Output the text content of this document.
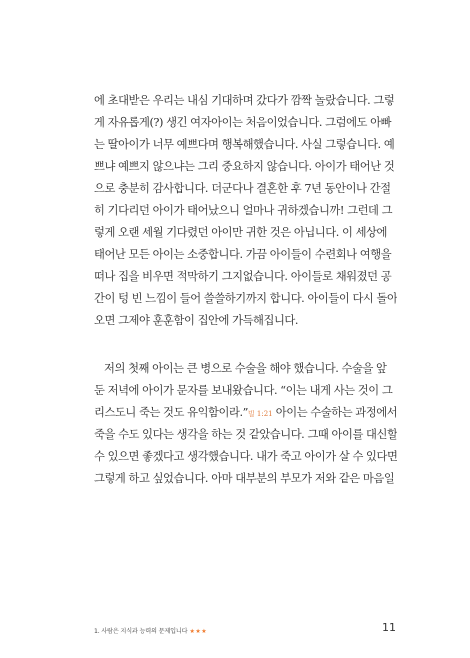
에 초대받은 우리는 내심 기대하며 갔다가 깜짝 놀랐습니다. 그렇
게 자유롭게(?) 생긴 여자아이는 처음이었습니다. 그럼에도 아빠
는 딸아이가 너무 예쁘다며 행복해했습니다. 사실 그렇습니다. 예
쁘냐 예쁘지 않으냐는 그리 중요하지 않습니다. 아이가 태어난 것
으로 충분히 감사합니다. 더군다나 결혼한 후 7년 동안이나 간절
히 기다리던 아이가 태어났으니 얼마나 귀하겠습니까! 그런데 그
렇게 오랜 세월 기다렸던 아이만 귀한 것은 아닙니다. 이 세상에
태어난 모든 아이는 소중합니다. 가끔 아이들이 수련회나 여행을
떠나 집을 비우면 적막하기 그지없습니다. 아이들로 채워졌던 공
간이 텅 빈 느낌이 들어 쓸쓸하기까지 합니다. 아이들이 다시 돌아
오면 그제야 훈훈함이 집안에 가득해집니다.
저의 첫째 아이는 큰 병으로 수술을 해야 했습니다. 수술을 앞
둔 저녁에 아이가 문자를 보내왔습니다. “이는 내게 사는 것이 그
리스도니 죽는 것도 유익함이라.”빌 1:21 아이는 수술하는 과정에서
죽을 수도 있다는 생각을 하는 것 같았습니다. 그때 아이를 대신할
수 있으면 좋겠다고 생각했습니다. 내가 죽고 아이가 살 수 있다면
그렇게 하고 싶었습니다. 아마 대부분의 부모가 저와 같은 마음일
1. 사람은 지식과 능력의 문제입니다 ★★★	11
